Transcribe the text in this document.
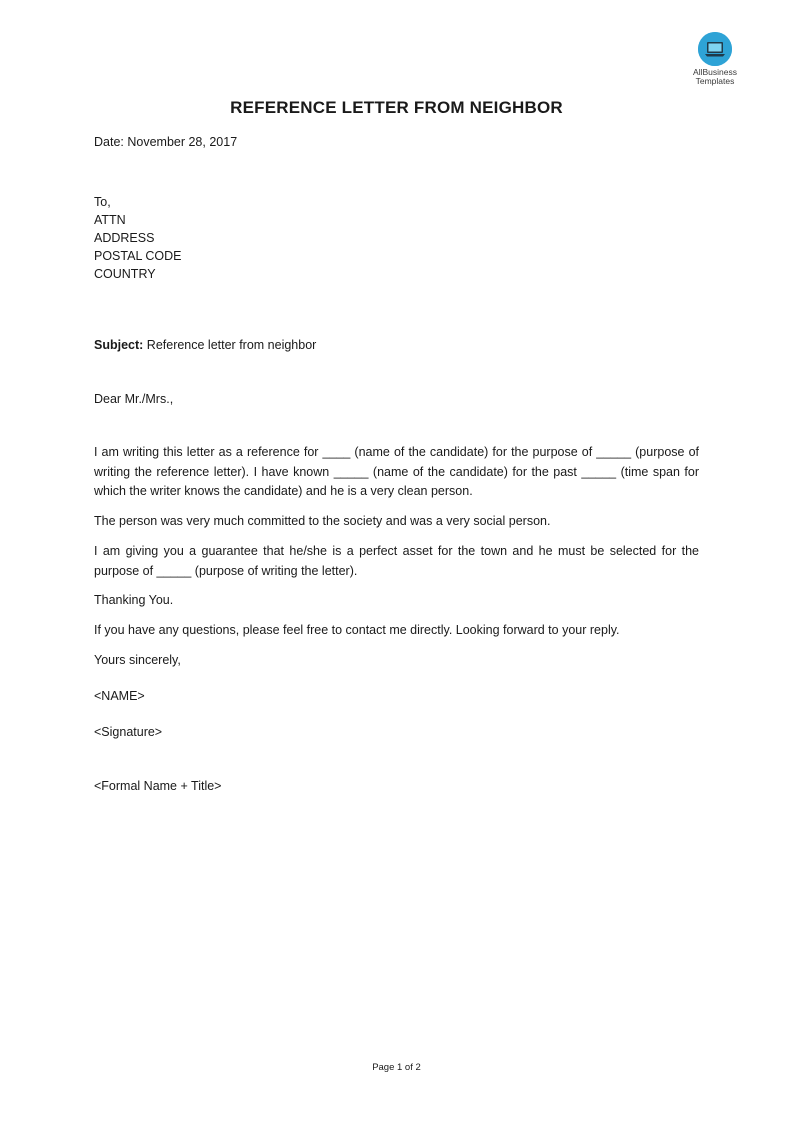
AllBusiness
Templates
REFERENCE LETTER FROM NEIGHBOR
Date: November 28, 2017
To,
ATTN
ADDRESS
POSTAL CODE
COUNTRY
Subject: Reference letter from neighbor
Dear Mr./Mrs.,
I am writing this letter as a reference for ____ (name of the candidate) for the purpose of _____ (purpose of writing the reference letter). I have known _____ (name of the candidate) for the past _____ (time span for which the writer knows the candidate) and he is a very clean person.
The person was very much committed to the society and was a very social person.
I am giving you a guarantee that he/she is a perfect asset for the town and he must be selected for the purpose of _____ (purpose of writing the letter).
Thanking You.
If you have any questions, please feel free to contact me directly. Looking forward to your reply.
Yours sincerely,
<NAME>
<Signature>
<Formal Name + Title>
Page 1 of 2
